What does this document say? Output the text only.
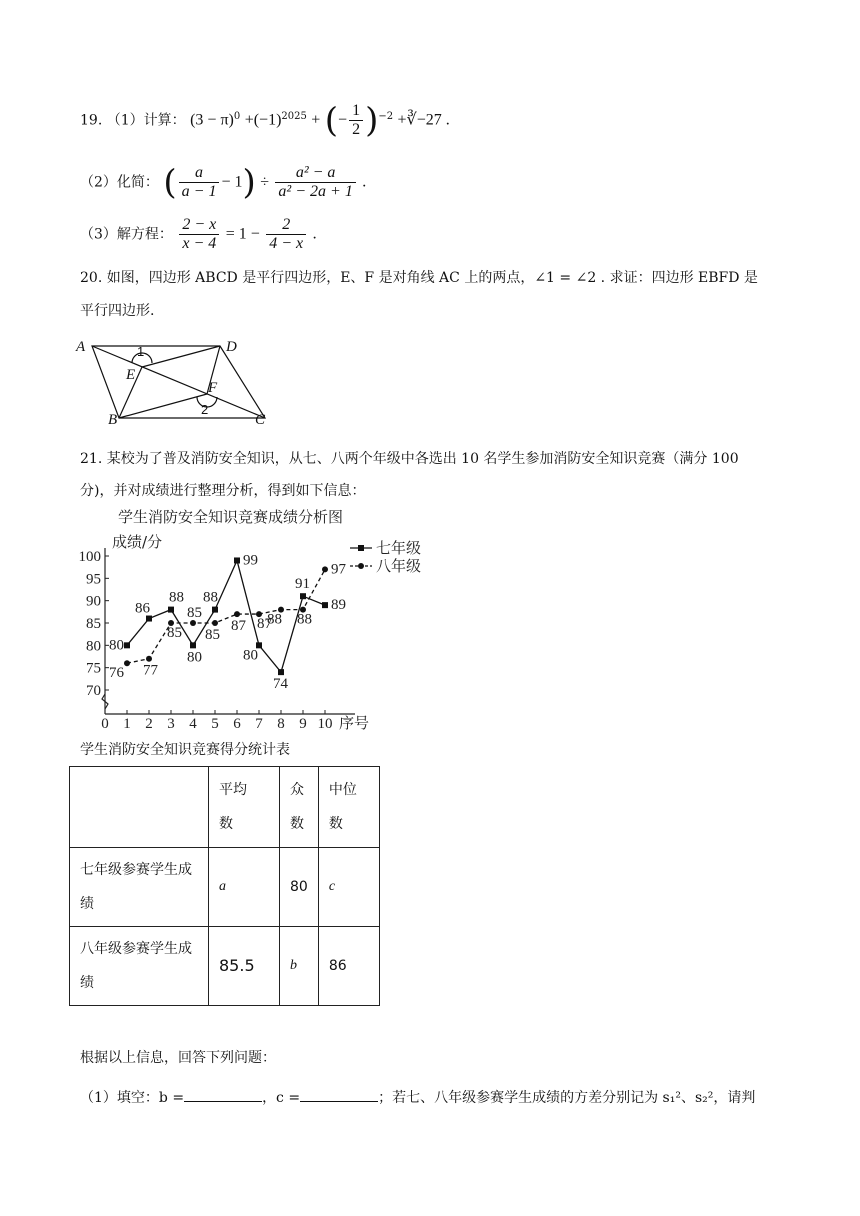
19. （1）计算： $(3 - \pi)^0 +(-1)^{2025}$ + (− $\frac{1}{2} )^{-2}$ +∛−27 .
（2）化简： ( $\frac{a}{a - 1} - 1) \div \frac{\text{a² − a}}{\text{a² − 2a + 1}}$ .
（3）解方程： $\frac{2 - x}{x - 4} = 1 - \frac{2}{4 - x}$ .
20. 如图，四边形 ABCD 是平行四边形，E、F 是对角线 AC 上的两点，∠1 = ∠2 . 求证：四边形 EBFD 是
平行四边形.
A	D
B	C
E
F
1
2
21. 某校为了普及消防安全知识，从七、八两个年级中各选出 10 名学生参加消防安全知识竞赛（满分 100
分)，并对成绩进行整理分析，得到如下信息：
学生消防安全知识竞赛成绩分析图
成绩/分
70
75
80
85
90
95
100
0 1 2 3 4 5 6 7 8 9 10 序号
80
86
88
80
88
99
80
74
91
89
76 77
85
85
85
87 87
88 88
97
七年级
八年级
学生消防安全知识竞赛得分统计表

	平均数	众数	中位数

七年级参赛学生成绩	a	80	c

八年级参赛学生成绩	85.5	b	86
根据以上信息，回答下列问题：
（1）填空：b =	，c =	；若七、八年级参赛学生成绩的方差分别记为 s₁²、s₂²，请判
